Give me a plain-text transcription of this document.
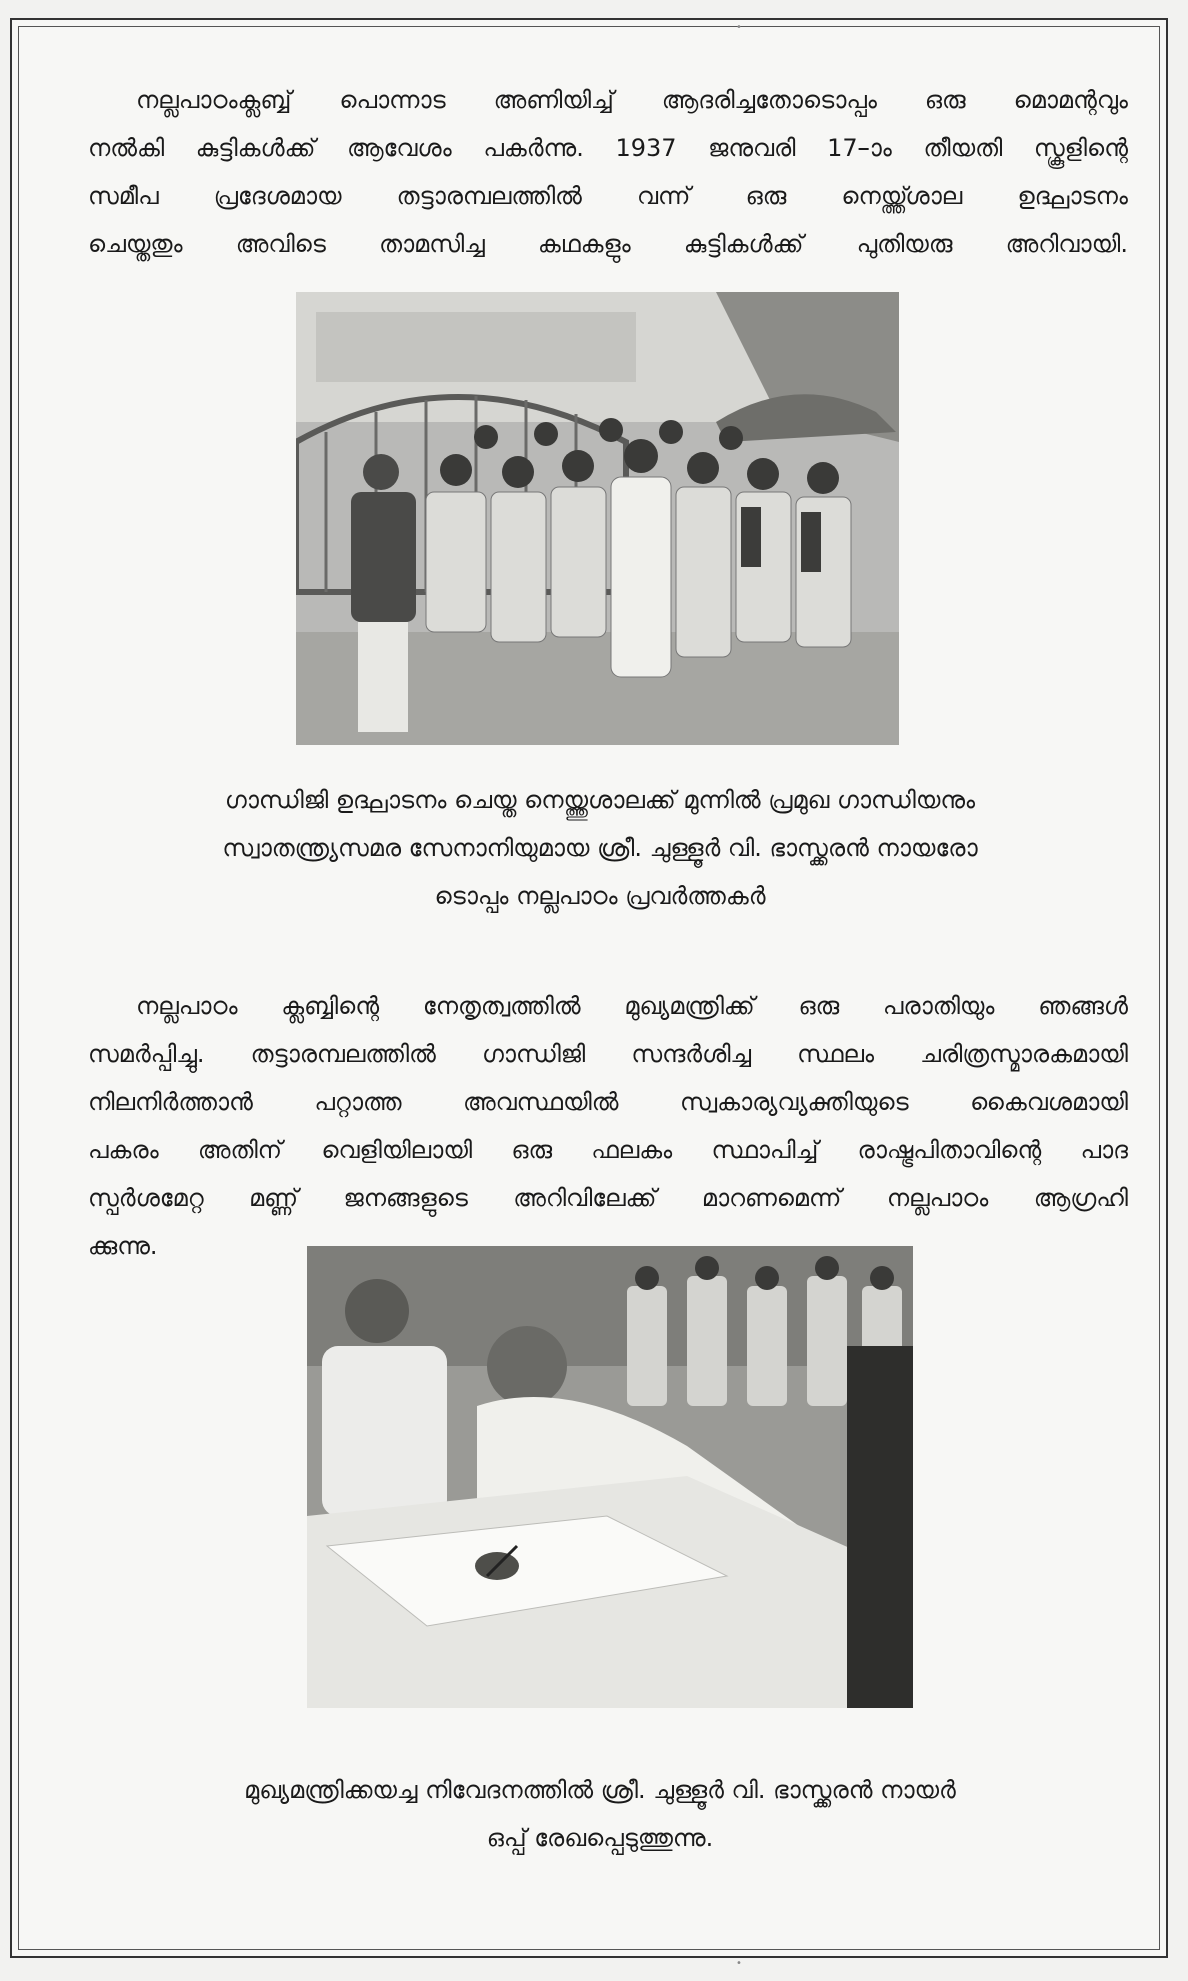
•
•
നല്ലപാഠംക്ലബ്ബ് പൊന്നാട അണിയിച്ച് ആദരിച്ചതോടൊപ്പം ഒരു മൊമന്റവും
നൽകി കുട്ടികൾക്ക് ആവേശം പകർന്നു. 1937 ജനുവരി 17–ാം തീയതി സ്കൂളിന്റെ
സമീപ പ്രദേശമായ തട്ടാരമ്പലത്തിൽ വന്ന് ഒരു നെയ്ത്ത്ശാല ഉദ്ഘാടനം
ചെയ്തതും അവിടെ താമസിച്ച കഥകളും കുട്ടികൾക്ക് പുതിയരു അറിവായി.
ഗാന്ധിജി ഉദ്ഘാടനം ചെയ്ത നെയ്ത്തുശാലക്ക് മുന്നിൽ പ്രമുഖ ഗാന്ധിയനും
സ്വാതന്ത്ര്യസമര സേനാനിയുമായ ശ്രീ. ചുള്ളൂർ വി. ഭാസ്ക്കരൻ നായരോ
ടൊപ്പം നല്ലപാഠം പ്രവർത്തകർ
നല്ലപാഠം ക്ലബ്ബിന്റെ നേതൃത്വത്തിൽ മുഖ്യമന്ത്രിക്ക് ഒരു പരാതിയും ഞങ്ങൾ
സമർപ്പിച്ചു. തട്ടാരമ്പലത്തിൽ ഗാന്ധിജി സന്ദർശിച്ച സ്ഥലം ചരിത്രസ്മാരകമായി
നിലനിർത്താൻ പറ്റാത്ത അവസ്ഥയിൽ സ്വകാര്യവ്യക്തിയുടെ കൈവശമായി
പകരം അതിന് വെളിയിലായി ഒരു ഫലകം സ്ഥാപിച്ച് രാഷ്ട്രപിതാവിന്റെ പാദ
സ്പർശമേറ്റ മണ്ണ് ജനങ്ങളുടെ അറിവിലേക്ക് മാറണമെന്ന് നല്ലപാഠം ആഗ്രഹി
ക്കുന്നു.
മുഖ്യമന്ത്രിക്കയച്ച നിവേദനത്തിൽ ശ്രീ. ചുള്ളൂർ വി. ഭാസ്ക്കരൻ നായർ
ഒപ്പ് രേഖപ്പെടുത്തുന്നു.
